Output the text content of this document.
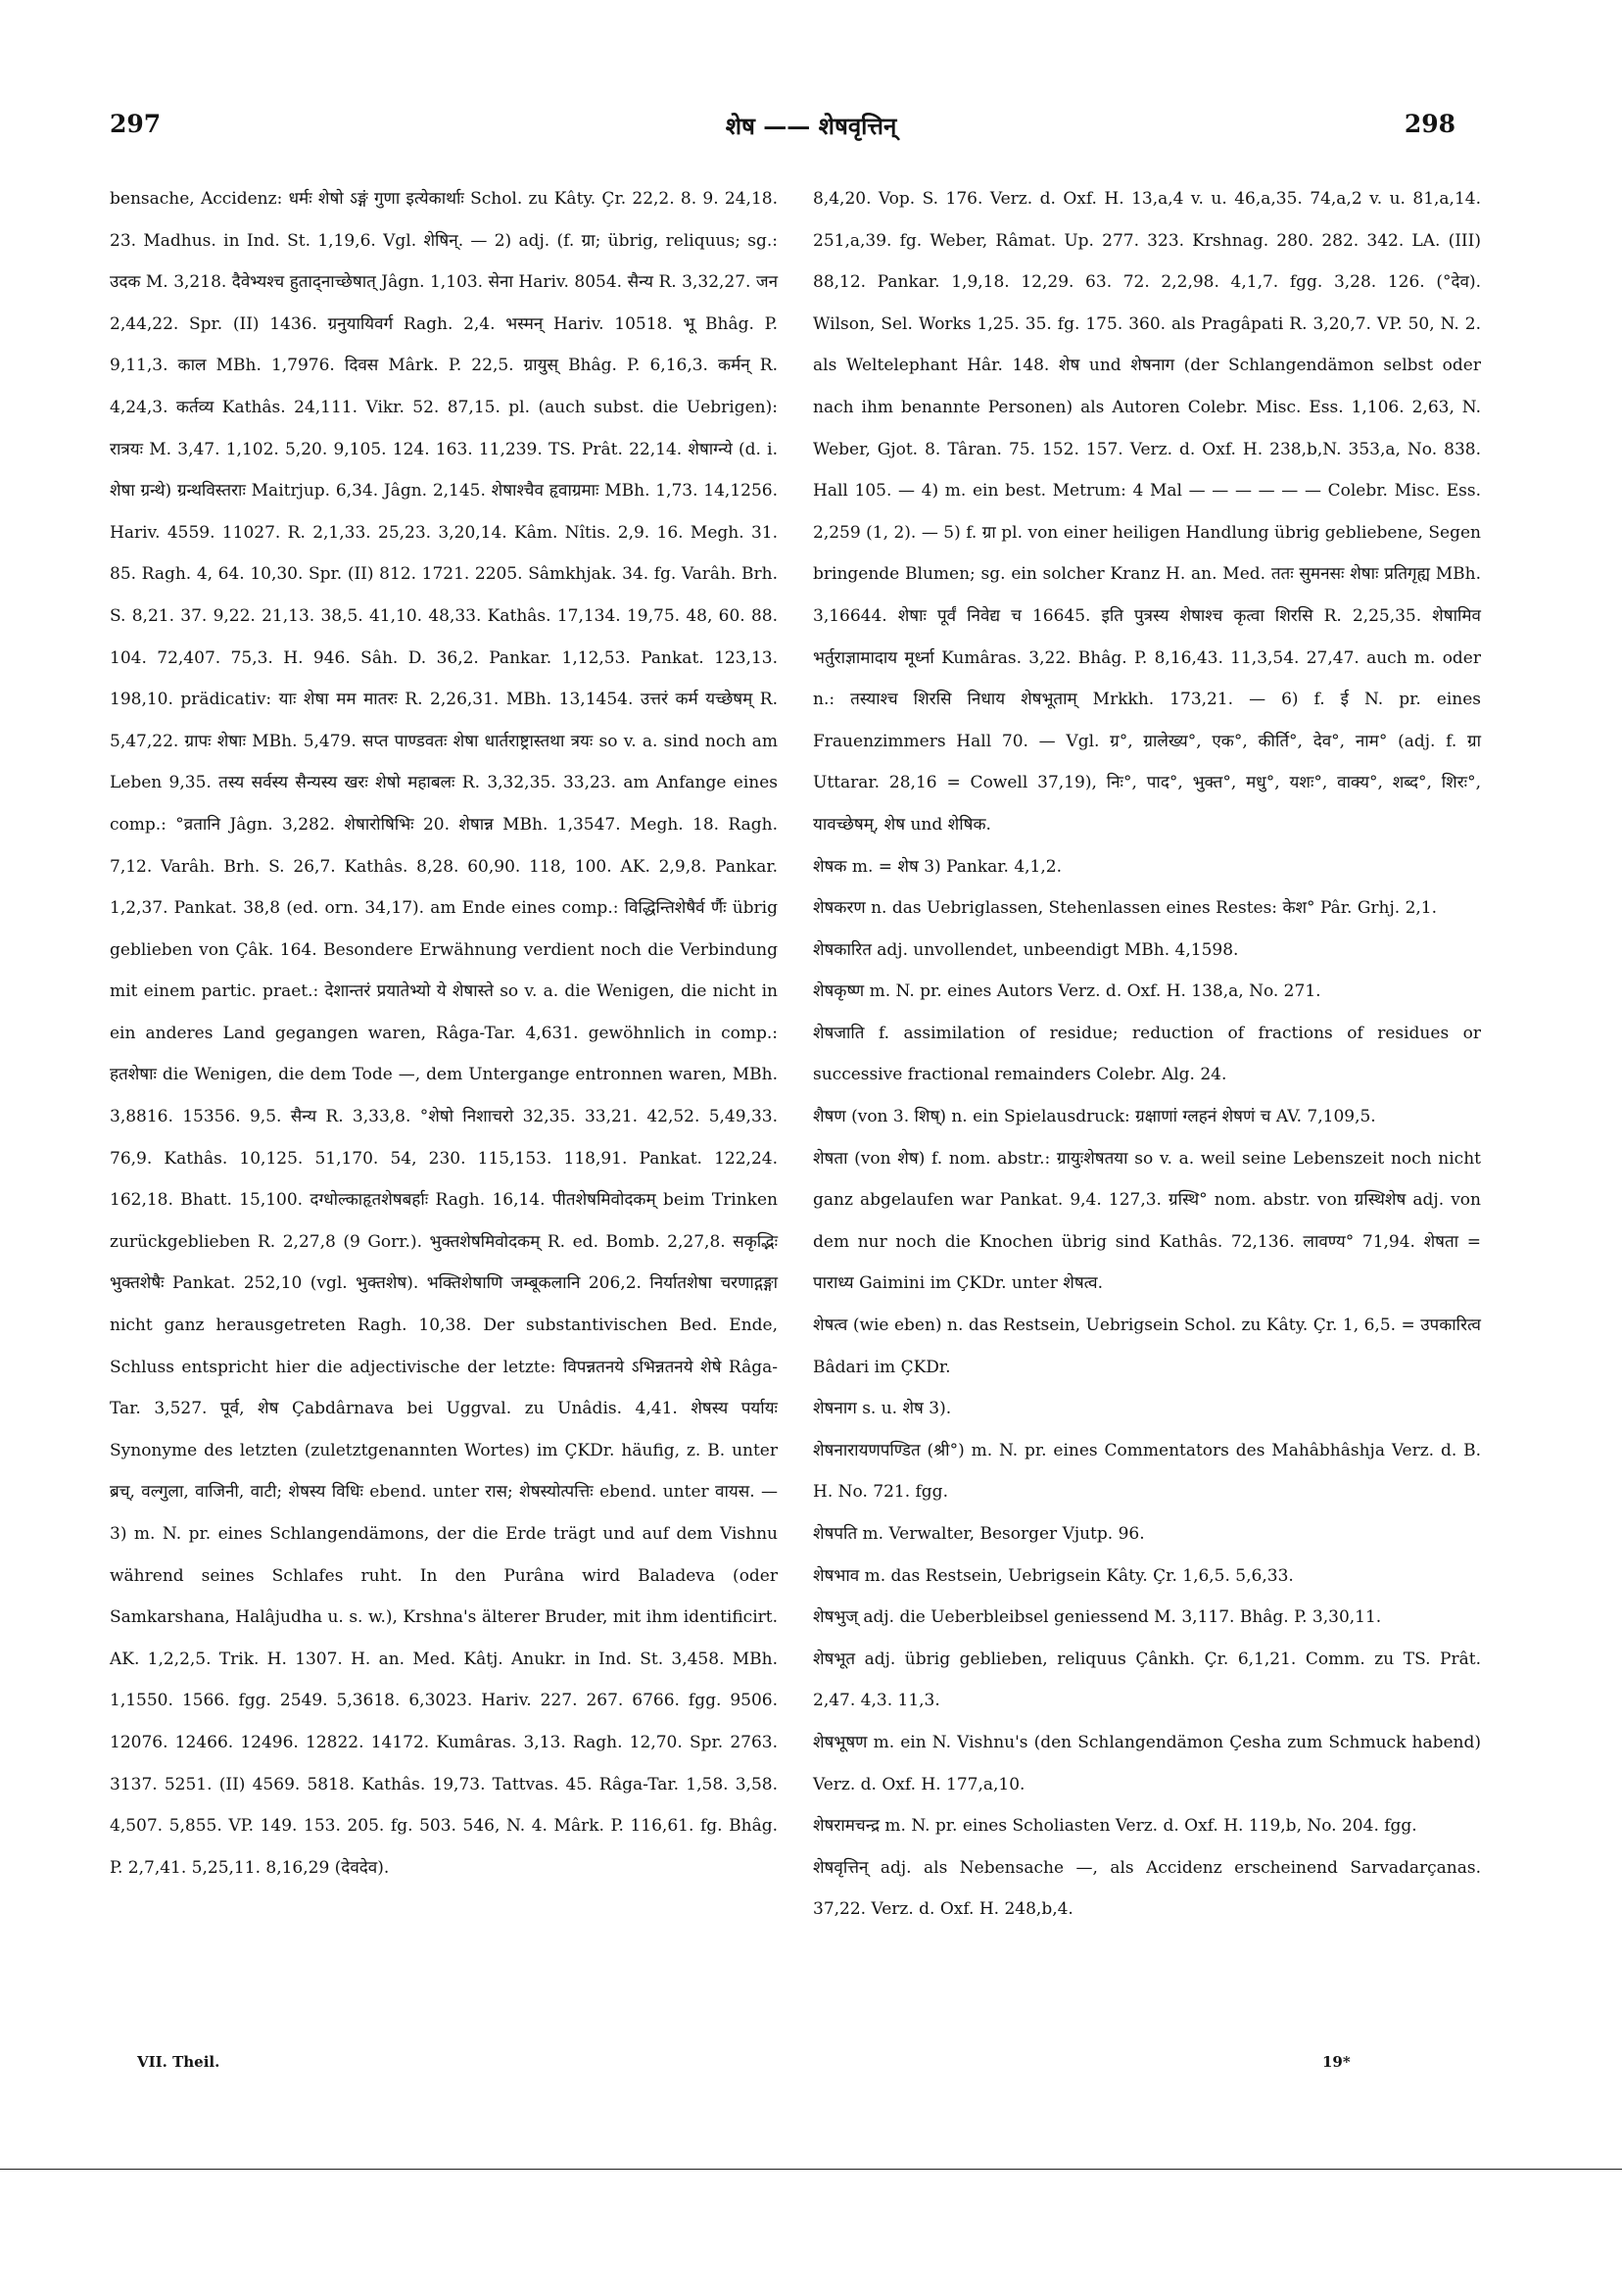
297	शेष —— शेषवृत्तिन्	298

bensache, Accidenz: धर्मः शेषो ऽङ्गं गुणा इत्येकार्थाः Schol. zu Kâty. Çr. 22,2. 8. 9. 24,18. 23. Madhus. in Ind. St. 1,19,6. Vgl. शेषिन्. — 2) adj. (f. ग्रा; übrig, reliquus; sg.: उदक M. 3,218. दैवेभ्यश्च हुताद्नाच्छेषात् Jâgn. 1,103. सेना Hariv. 8054. सैन्य R. 3,32,27. जन 2,44,22. Spr. (II) 1436. ग्रनुयायिवर्ग Ragh. 2,4. भस्मन् Hariv. 10518. भू Bhâg. P. 9,11,3. काल MBh. 1,7976. दिवस Mârk. P. 22,5. ग्रायुस् Bhâg. P. 6,16,3. कर्मन् R. 4,24,3. कर्तव्य Kathâs. 24,111. Vikr. 52. 87,15. pl. (auch subst. die Uebrigen): रात्रयः M. 3,47. 1,102. 5,20. 9,105. 124. 163. 11,239. TS. Prât. 22,14. शेषाग्न्ये (d. i. शेषा ग्रन्थे) ग्रन्थविस्तराः Maitrjup. 6,34. Jâgn. 2,145. शेषाश्चैव हृवाग्रमाः MBh. 1,73. 14,1256. Hariv. 4559. 11027. R. 2,1,33. 25,23. 3,20,14. Kâm. Nîtis. 2,9. 16. Megh. 31. 85. Ragh. 4, 64. 10,30. Spr. (II) 812. 1721. 2205. Sâmkhjak. 34. fg. Varâh. Brh. S. 8,21. 37. 9,22. 21,13. 38,5. 41,10. 48,33. Kathâs. 17,134. 19,75. 48, 60. 88. 104. 72,407. 75,3. H. 946. Sâh. D. 36,2. Pankar. 1,12,53. Pankat. 123,13. 198,10. prädicativ: याः शेषा मम मातरः R. 2,26,31. MBh. 13,1454. उत्तरं कर्म यच्छेषम् R. 5,47,22. ग्रापः शेषाः MBh. 5,479. सप्त पाण्डवतः शेषा धार्तराष्ट्रास्तथा त्रयः so v. a. sind noch am Leben 9,35. तस्य सर्वस्य सैन्यस्य खरः शेषो महाबलः R. 3,32,35. 33,23. am Anfange eines comp.: °व्रतानि Jâgn. 3,282. शेषारोषिभिः 20. शेषान्न MBh. 1,3547. Megh. 18. Ragh. 7,12. Varâh. Brh. S. 26,7. Kathâs. 8,28. 60,90. 118, 100. AK. 2,9,8. Pankar. 1,2,37. Pankat. 38,8 (ed. orn. 34,17). am Ende eines comp.: विद्धिन्तिशेषैर्व र्णैः übrig geblieben von Çâk. 164. Besondere Erwähnung verdient noch die Verbindung mit einem partic. praet.: देशान्तरं प्रयातेभ्यो ये शेषास्ते so v. a. die Wenigen, die nicht in ein anderes Land gegangen waren, Râga-Tar. 4,631. gewöhnlich in comp.: हतशेषाः die Wenigen, die dem Tode —, dem Untergange entronnen waren, MBh. 3,8816. 15356. 9,5. सैन्य R. 3,33,8. °शेषो निशाचरो 32,35. 33,21. 42,52. 5,49,33. 76,9. Kathâs. 10,125. 51,170. 54, 230. 115,153. 118,91. Pankat. 122,24. 162,18. Bhatt. 15,100. दग्धोल्काहृतशेषबर्हाः Ragh. 16,14. पीतशेषमिवोदकम् beim Trinken zurückgeblieben R. 2,27,8 (9 Gorr.). भुक्तशेषमिवोदकम् R. ed. Bomb. 2,27,8. सकृद्भिः भुक्तशेषैः Pankat. 252,10 (vgl. भुक्तशेष). भक्तिशेषाणि जम्बूकलानि 206,2. निर्यातशेषा चरणाद्गङ्गा nicht ganz herausgetreten Ragh. 10,38. Der substantivischen Bed. Ende, Schluss entspricht hier die adjectivische der letzte: विपन्नतनये ऽभिन्नतनये शेषे Râga-Tar. 3,527. पूर्व, शेष Çabdârnava bei Uggval. zu Unâdis. 4,41. शेषस्य पर्यायः Synonyme des letzten (zuletztgenannten Wortes) im ÇKDr. häufig, z. B. unter ब्रच्, वल्गुला, वाजिनी, वाटी; शेषस्य विधिः ebend. unter रास; शेषस्योत्पत्तिः ebend. unter वायस. — 3) m. N. pr. eines Schlangendämons, der die Erde trägt und auf dem Vishnu während seines Schlafes ruht. In den Purâna wird Baladeva (oder Samkarshana, Halâjudha u. s. w.), Krshna's älterer Bruder, mit ihm identificirt. AK. 1,2,2,5. Trik. H. 1307. H. an. Med. Kâtj. Anukr. in Ind. St. 3,458. MBh. 1,1550. 1566. fgg. 2549. 5,3618. 6,3023. Hariv. 227. 267. 6766. fgg. 9506. 12076. 12466. 12496. 12822. 14172. Kumâras. 3,13. Ragh. 12,70. Spr. 2763. 3137. 5251. (II) 4569. 5818. Kathâs. 19,73. Tattvas. 45. Râga-Tar. 1,58. 3,58. 4,507. 5,855. VP. 149. 153. 205. fg. 503. 546, N. 4. Mârk. P. 116,61. fg. Bhâg. P. 2,7,41. 5,25,11. 8,16,29 (देवदेव).

8,4,20. Vop. S. 176. Verz. d. Oxf. H. 13,a,4 v. u. 46,a,35. 74,a,2 v. u. 81,a,14. 251,a,39. fg. Weber, Râmat. Up. 277. 323. Krshnag. 280. 282. 342. LA. (III) 88,12. Pankar. 1,9,18. 12,29. 63. 72. 2,2,98. 4,1,7. fgg. 3,28. 126. (°देव). Wilson, Sel. Works 1,25. 35. fg. 175. 360. als Pragâpati R. 3,20,7. VP. 50, N. 2. als Weltelephant Hâr. 148. शेष und शेषनाग (der Schlangendämon selbst oder nach ihm benannte Personen) als Autoren Colebr. Misc. Ess. 1,106. 2,63, N. Weber, Gjot. 8. Târan. 75. 152. 157. Verz. d. Oxf. H. 238,b,N. 353,a, No. 838. Hall 105. — 4) m. ein best. Metrum: 4 Mal — — — — — — Colebr. Misc. Ess. 2,259 (1, 2). — 5) f. ग्रा pl. von einer heiligen Handlung übrig gebliebene, Segen bringende Blumen; sg. ein solcher Kranz H. an. Med. ततः सुमनसः शेषाः प्रतिगृह्य MBh. 3,16644. शेषाः पूर्वं निवेद्य च 16645. इति पुत्रस्य शेषाश्च कृत्वा शिरसि R. 2,25,35. शेषामिव भर्तुराज्ञामादाय मूर्ध्ना Kumâras. 3,22. Bhâg. P. 8,16,43. 11,3,54. 27,47. auch m. oder n.: तस्याश्च शिरसि निधाय शेषभूताम् Mrkkh. 173,21. — 6) f. ई N. pr. eines Frauenzimmers Hall 70. — Vgl. ग्र°, ग्रालेख्य°, एक°, कीर्ति°, देव°, नाम° (adj. f. ग्रा Uttarar. 28,16 = Cowell 37,19), निः°, पाद°, भुक्त°, मधु°, यशः°, वाक्य°, शब्द°, शिरः°, यावच्छेषम्, शेष und शेषिक.

शेषक m. = शेष 3) Pankar. 4,1,2.

शेषकरण n. das Uebriglassen, Stehenlassen eines Restes: केश° Pâr. Grhj. 2,1.

शेषकारित adj. unvollendet, unbeendigt MBh. 4,1598.

शेषकृष्ण m. N. pr. eines Autors Verz. d. Oxf. H. 138,a, No. 271.

शेषजाति f. assimilation of residue; reduction of fractions of residues or successive fractional remainders Colebr. Alg. 24.

शैषण (von 3. शिष्) n. ein Spielausdruck: ग्रक्षाणां ग्लहनं शेषणं च AV. 7,109,5.

शेषता (von शेष) f. nom. abstr.: ग्रायुःशेषतया so v. a. weil seine Lebenszeit noch nicht ganz abgelaufen war Pankat. 9,4. 127,3. ग्रस्थि° nom. abstr. von ग्रस्थिशेष adj. von dem nur noch die Knochen übrig sind Kathâs. 72,136. लावण्य° 71,94. शेषता = पाराध्य Gaimini im ÇKDr. unter शेषत्व.

शेषत्व (wie eben) n. das Restsein, Uebrigsein Schol. zu Kâty. Çr. 1, 6,5. = उपकारित्व Bâdari im ÇKDr.

शेषनाग s. u. शेष 3).

शेषनारायणपण्डित (श्री°) m. N. pr. eines Commentators des Mahâbhâshja Verz. d. B. H. No. 721. fgg.

शेषपति m. Verwalter, Besorger Vjutp. 96.

शेषभाव m. das Restsein, Uebrigsein Kâty. Çr. 1,6,5. 5,6,33.

शेषभुज् adj. die Ueberbleibsel geniessend M. 3,117. Bhâg. P. 3,30,11.

शेषभूत adj. übrig geblieben, reliquus Çânkh. Çr. 6,1,21. Comm. zu TS. Prât. 2,47. 4,3. 11,3.

शेषभूषण m. ein N. Vishnu's (den Schlangendämon Çesha zum Schmuck habend) Verz. d. Oxf. H. 177,a,10.

शेषरामचन्द्र m. N. pr. eines Scholiasten Verz. d. Oxf. H. 119,b, No. 204. fgg.

शेषवृत्तिन् adj. als Nebensache —, als Accidenz erscheinend Sarvadarçanas. 37,22. Verz. d. Oxf. H. 248,b,4.

VII. Theil.	19*
